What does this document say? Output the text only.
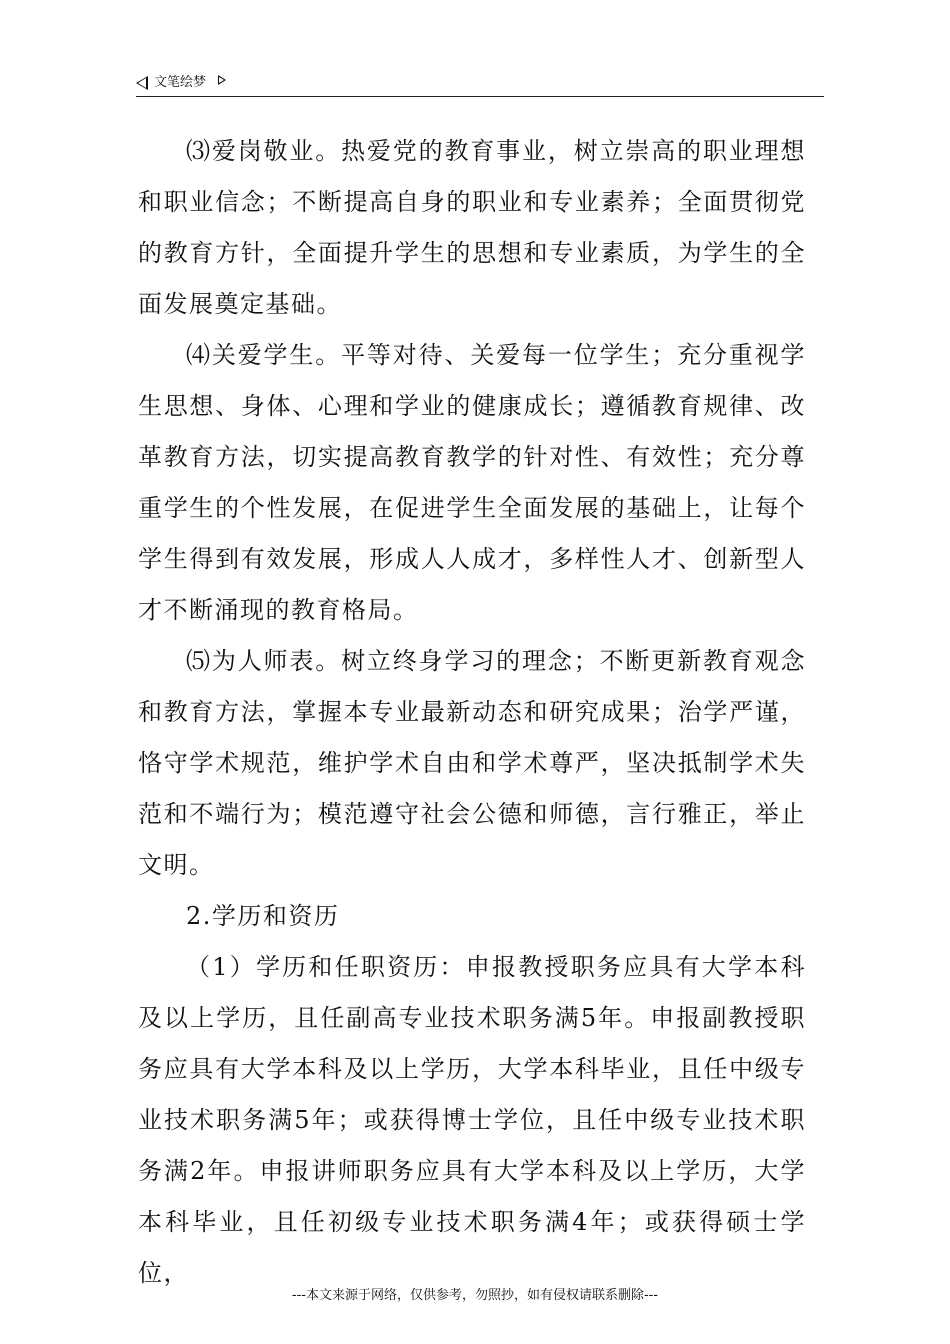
文笔绘梦

⑶爱岗敬业。热爱党的教育事业，树立崇高的职业理想和职业信念；不断提高自身的职业和专业素养；全面贯彻党的教育方针，全面提升学生的思想和专业素质，为学生的全面发展奠定基础。

⑷关爱学生。平等对待、关爱每一位学生；充分重视学生思想、身体、心理和学业的健康成长；遵循教育规律、改革教育方法，切实提高教育教学的针对性、有效性；充分尊重学生的个性发展，在促进学生全面发展的基础上，让每个学生得到有效发展，形成人人成才，多样性人才、创新型人才不断涌现的教育格局。

⑸为人师表。树立终身学习的理念；不断更新教育观念和教育方法，掌握本专业最新动态和研究成果；治学严谨，恪守学术规范，维护学术自由和学术尊严，坚决抵制学术失范和不端行为；模范遵守社会公德和师德，言行雅正，举止文明。

2.学历和资历

（1）学历和任职资历：申报教授职务应具有大学本科及以上学历，且任副高专业技术职务满5年。申报副教授职务应具有大学本科及以上学历，大学本科毕业，且任中级专业技术职务满5年；或获得博士学位，且任中级专业技术职务满2年。申报讲师职务应具有大学本科及以上学历，大学本科毕业，且任初级专业技术职务满4年；或获得硕士学位，

---本文来源于网络，仅供参考，勿照抄，如有侵权请联系删除---
